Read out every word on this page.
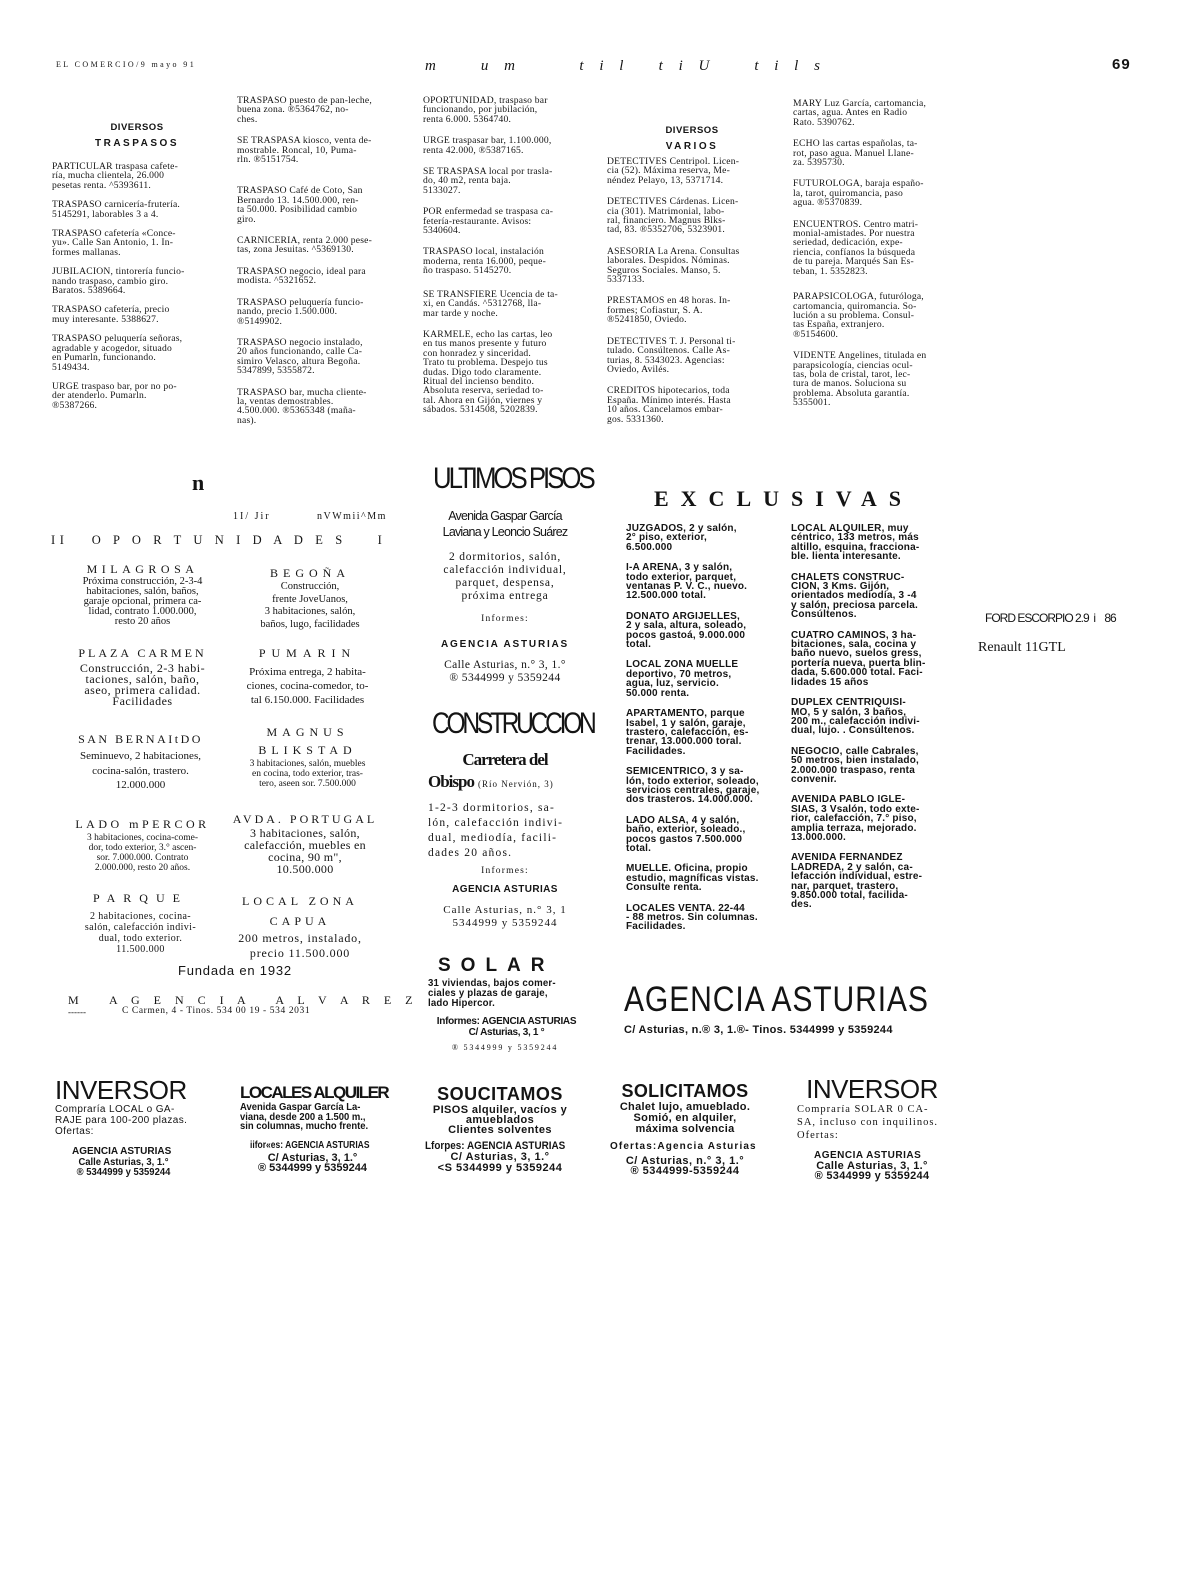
EL COMERCIO/9 mayo 91	m    u m      t i l   t i U    t i l s	69
DIVERSOS
TRASPASOS
PARTICULAR traspasa cafete-
ría, mucha clientela, 26.000
pesetas renta. ^5393611.
TRASPASO carnicería-frutería.
5145291, laborables 3 a 4.
TRASPASO cafetería «Conce-
yu». Calle San Antonio, 1. In-
formes mallanas.
JUBILACION, tintorería funcio-
nando traspaso, cambio giro.
Baratos. 5389664.
TRASPASO cafetería, precio
muy interesante. 5388627.
TRASPASO peluquería señoras,
agradable y acogedor, situado
en Pumarln, funcionando.
5149434.
URGE traspaso bar, por no po-
der atenderlo. Pumarln.
®5387266.
TRASPASO puesto de pan-leche,
buena zona. ®5364762, no-
ches.
SE TRASPASA kiosco, venta de-
mostrable. Roncal, 10, Puma-
rln. ®5151754.
TRASPASO Café de Coto, San
Bernardo 13. 14.500.000, ren-
ta 50.000. Posibilidad cambio
giro.
CARNICERIA, renta 2.000 pese-
tas, zona Jesuitas. ^5369130.
TRASPASO negocio, ideal para
modista. ^5321652.
TRASPASO peluquería funcio-
nando, precio 1.500.000.
®5149902.
TRASPASO negocio instalado,
20 años funcionando, calle Ca-
simiro Velasco, altura Begoña.
5347899, 5355872.
TRASPASO bar, mucha cliente-
la, ventas demostrables.
4.500.000. ®5365348 (maña-
nas).
OPORTUNIDAD, traspaso bar
funcionando, por jubilación,
renta 6.000. 5364740.
URGE traspasar bar, 1.100.000,
renta 42.000, ®5387165.
SE TRASPASA local por trasla-
do, 40 m2, renta baja.
5133027.
POR enfermedad se traspasa ca-
fetería-restaurante. Avisos:
5340604.
TRASPASO local, instalación
moderna, renta 16.000, peque-
ño traspaso. 5145270.
SE TRANSFIERE Ucencia de ta-
xi, en Candás. ^5312768, lla-
mar tarde y noche.
KARMELE, echo las cartas, leo
en tus manos presente y futuro
con honradez y sinceridad.
Trato tu problema. Despejo tus
dudas. Digo todo claramente.
Ritual del incienso bendito.
Absoluta reserva, seriedad to-
tal. Ahora en Gijón, viernes y
sábados. 5314508, 5202839.
DIVERSOS
VARIOS
DETECTIVES Centripol. Licen-
cia (52). Máxima reserva, Me-
néndez Pelayo, 13, 5371714.
DETECTIVES Cárdenas. Licen-
cia (301). Matrimonial, labo-
ral, financiero. Magnus Blks-
tad, 83. ®5352706, 5323901.
ASESORIA La Arena. Consultas
laborales. Despidos. Nóminas.
Seguros Sociales. Manso, 5.
5337133.
PRESTAMOS en 48 horas. In-
formes; Cofiastur, S. A.
®5241850, Oviedo.
DETECTIVES T. J. Personal ti-
tulado. Consúltenos. Calle As-
turias, 8. 5343023. Agencias:
Oviedo, Avilés.
CREDITOS hipotecarios, toda
España. Mínimo interés. Hasta
10 años. Cancelamos embar-
gos. 5331360.
MARY Luz García, cartomancia,
cartas, agua. Antes en Radio
Rato. 5390762.
ECHO las cartas españolas, ta-
rot, paso agua. Manuel Llane-
za. 5395730.
FUTUROLOGA, baraja españo-
la, tarot, quiromancia, paso
agua. ®5370839.
ENCUENTROS. Centro matri-
monial-amistades. Por nuestra
seriedad, dedicación, expe-
riencia, confíanos la búsqueda
de tu pareja. Marqués San Es-
teban, 1. 5352823.
PARAPSICOLOGA, futuróloga,
cartomancia, quiromancia. So-
lución a su problema. Consul-
tas España, extranjero.
®5154600.
VIDENTE Angelines, titulada en
parapsicología, ciencias ocul-
tas, bola de cristal, tarot, lec-
tura de manos. Soluciona su
problema. Absoluta garantía.
5355001.
n
1I/ Jir	nVWmii^Mm
II   O P O R T U N I D A D E S    I
MILAGROSA
Próxima construcción, 2-3-4
habitaciones, salón, baños,
garaje opcional, primera ca-
lidad, contrato 1.000.000,
resto 20 años
BEGOÑA
Construcción,
frente JoveUanos,
3 habitaciones, salón,
baños, lugo, facilidades
PLAZA CARMEN
Construcción, 2-3 habi-
taciones, salón, baño,
aseo, primera calidad.
Facilidades
PUMARIN
Próxima entrega, 2 habita-
ciones, cocina-comedor, to-
tal 6.150.000. Facilidades
SAN BERNAItDO
Seminuevo, 2 habitaciones,
cocina-salón, trastero.
12.000.000
MAGNUS
BLIKSTAD
3 habitaciones, salón, muebles
en cocina, todo exterior, tras-
tero, aseen sor. 7.500.000
LADO mPERCOR
3 habitaciones, cocina-come-
dor, todo exterior, 3.° ascen-
sor. 7.000.000. Contrato
2.000.000, resto 20 años.
AVDA. PORTUGAL
3 habitaciones, salón,
calefacción, muebles en
cocina, 90 m",
10.500.000
PARQUE
2 habitaciones, cocina-
salón, calefacción indivi-
dual, todo exterior.
11.500.000
LOCAL ZONA
CAPUA
200 metros, instalado,
precio 11.500.000
Fundada en 1932
M   A G E N C I A   A L V A R E Z
------	C Carmen, 4 - Tinos. 534 00 19 - 534 2031
ULTIMOS PISOS
Avenida Gaspar García
Laviana y Leoncio Suárez
2 dormitorios, salón,
calefacción individual,
parquet, despensa,
próxima entrega
Informes:
AGENCIA ASTURIAS
Calle Asturias, n.° 3, 1.°
® 5344999 y 5359244
CONSTRUCCION
Carretera del
Obispo (Río Nervión, 3)
1-2-3 dormitorios, sa-
lón, calefacción indivi-
dual, mediodía, facili-
dades 20 años.
Informes:
AGENCIA ASTURIAS
Calle Asturias, n.° 3, 1
5344999 y 5359244
SOLAR
31 viviendas, bajos comer-
ciales y plazas de garaje,
lado Hipercor.
Informes: AGENCIA ASTURIAS
C/ Asturias, 3, 1 °
® 5344999 y 5359244
EXCLUSIVAS
JUZGADOS, 2 y salón,
2° piso, exterior,
6.500.000
I-A ARENA, 3 y salón,
todo exterior, parquet,
ventanas P. V. C., nuevo.
12.500.000 total.
DONATO ARGIJELLES,
2 y sala, altura, soleado,
pocos gastoá, 9.000.000
total.
LOCAL ZONA MUELLE
deportivo, 70 metros,
agua, luz, servicio.
50.000 renta.
APARTAMENTO, parque
Isabel, 1 y salón, garaje,
trastero, calefacción, es-
trenar, 13.000.000 toral.
Facilidades.
SEMICENTRICO, 3 y sa-
lón, todo exterior, soleado,
servicios centrales, garaje,
dos trasteros. 14.000.000.
LADO ALSA, 4 y salón,
baño, exterior, soleado.,
pocos gastos 7.500.000
total.
MUELLE. Oficina, propio
estudio, magníficas vistas.
Consulte renta.
LOCALES VENTA. 22-44
- 88 metros. Sin columnas.
Facilidades.
LOCAL ALQUILER, muy
céntrico, 133 metros, más
altillo, esquina, fracciona-
ble. lienta interesante.
CHALETS CONSTRUC-
CION, 3 Kms. Gijón,
orientados mediodía, 3 -4
y salón, preciosa parcela.
Consúltenos.
CUATRO CAMINOS, 3 ha-
bitaciones, sala, cocina y
baño nuevo, suelos gress,
portería nueva, puerta blin-
dada, 5.600.000 total. Faci-
lidades 15 años
DUPLEX CENTRIQUISI-
MO, 5 y salón, 3 baños,
200 m., calefacción indivi-
dual, lujo. . Consúltenos.
NEGOCIO, calle Cabrales,
50 metros, bien instalado,
2.000.000 traspaso, renta
convenir.
AVENIDA PABLO IGLE-
SIAS, 3 Vsalón, todo exte-
rior, calefacción, 7.° piso,
amplia terraza, mejorado.
13.000.000.
AVENIDA FERNANDEZ
LADREDA, 2 y salón, ca-
lefacción individual, estre-
nar, parquet, trastero,
9.850.000 total, facilida-
des.
AGENCIA ASTURIAS
C/ Asturias, n.® 3, 1.®- Tinos. 5344999 y 5359244
FORD ESCORPIO 2.9  i    86
Renault 11GTL
INVERSOR
Compraría LOCAL o GA-
RAJE para 100-200 plazas.
Ofertas:
AGENCIA ASTURIAS
Calle Asturias, 3, 1.°
® 5344999 y 5359244
LOCALES ALQUILER
Avenida Gaspar García La-
viana, desde 200 a 1.500 m.,
sin columnas, mucho frente.
iifor«es: AGENCIA ASTURIAS
C/ Asturias, 3, 1.°
® 5344999 y 5359244
SOUCITAMOS
PISOS alquiler, vacíos y
amueblados
Clientes solventes
Lforpes: AGENCIA ASTURIAS
C/ Asturias, 3, 1.°
<S 5344999 y 5359244
SOLICITAMOS
Chalet lujo, amueblado.
Somió, en alquiler,
máxima solvencia
Ofertas:Agencia Asturias
C/ Asturias, n.° 3, 1.°
® 5344999-5359244
INVERSOR
Compraría SOLAR 0 CA-
SA, incluso con inquilinos.
Ofertas:
AGENCIA ASTURIAS
Calle Asturias, 3, 1.°
® 5344999 y 5359244
